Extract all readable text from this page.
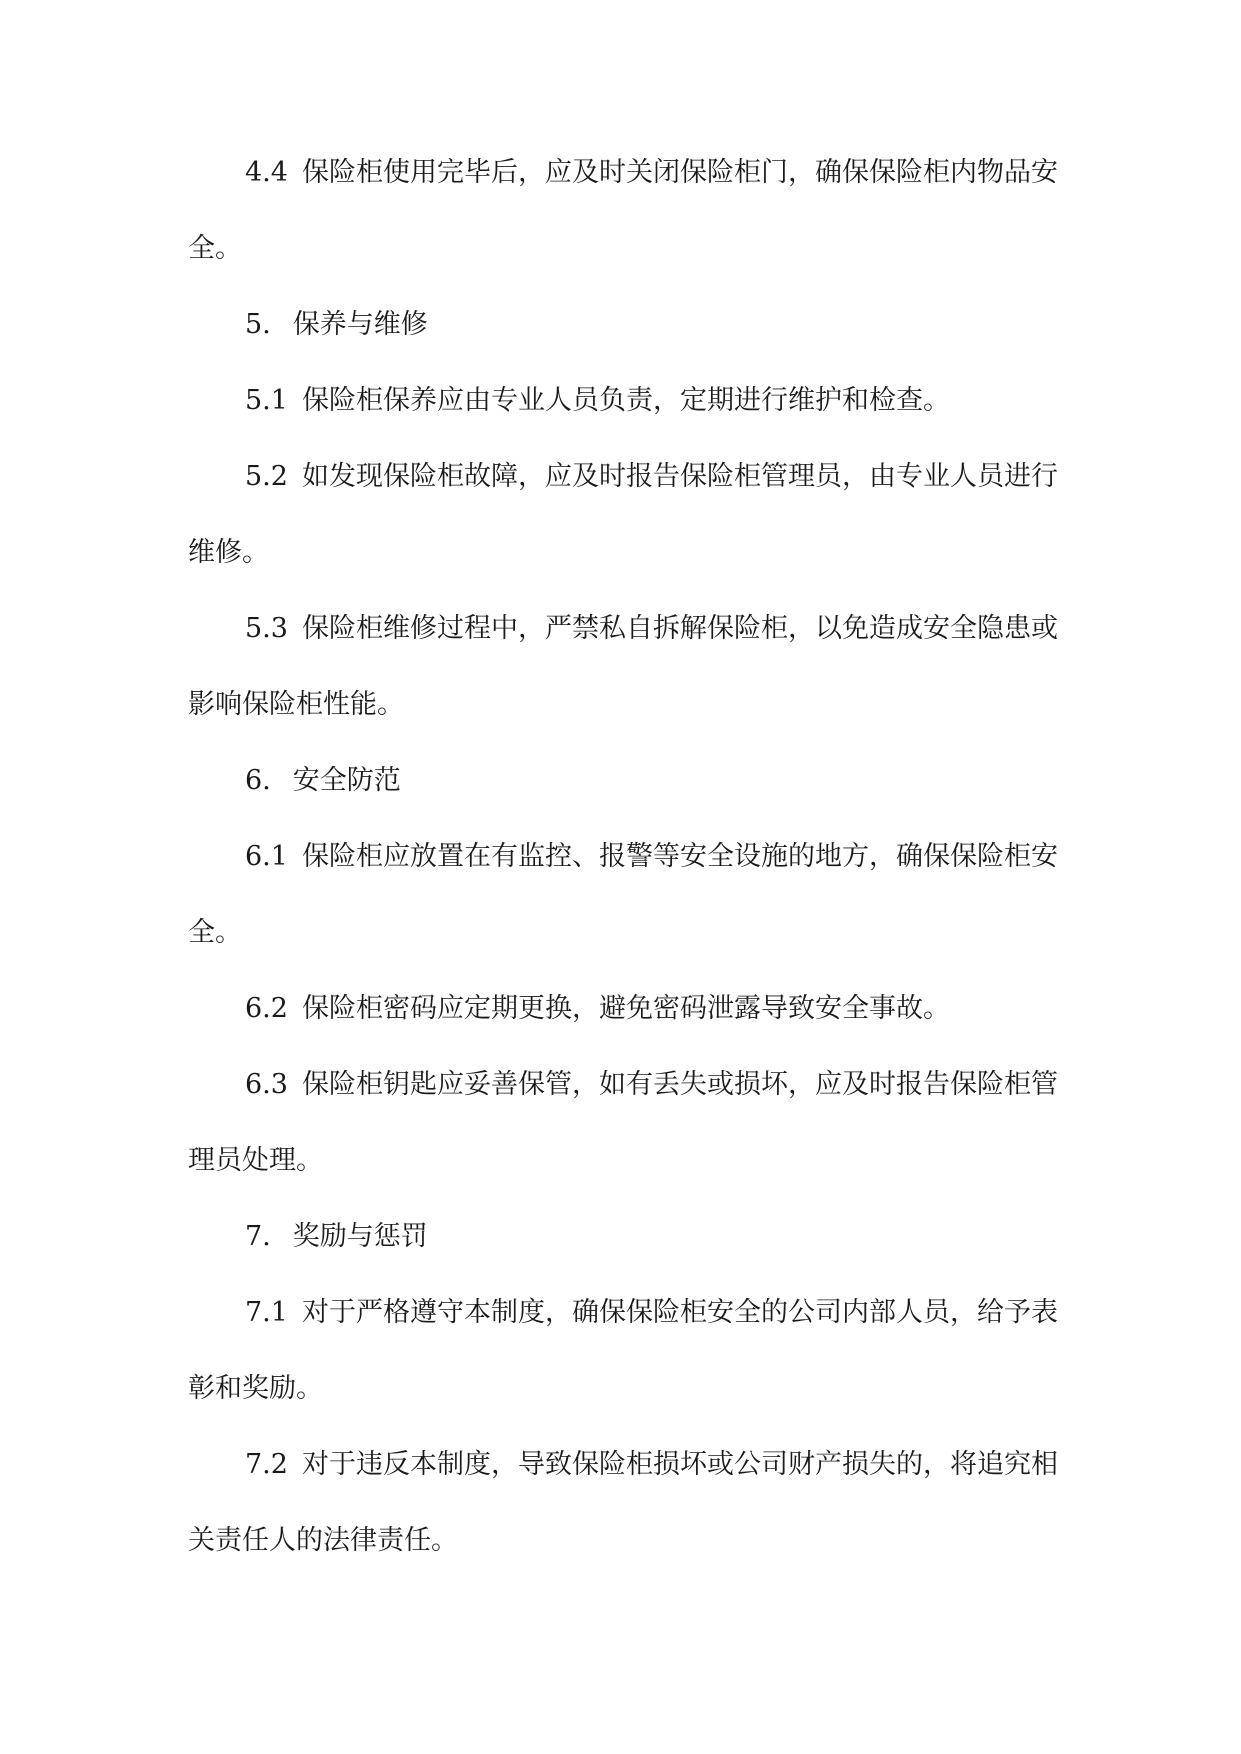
4.4 保险柜使用完毕后，应及时关闭保险柜门，确保保险柜内物品安全。

5. 保养与维修

5.1 保险柜保养应由专业人员负责，定期进行维护和检查。

5.2 如发现保险柜故障，应及时报告保险柜管理员，由专业人员进行维修。

5.3 保险柜维修过程中，严禁私自拆解保险柜，以免造成安全隐患或影响保险柜性能。

6. 安全防范

6.1 保险柜应放置在有监控、报警等安全设施的地方，确保保险柜安全。

6.2 保险柜密码应定期更换，避免密码泄露导致安全事故。

6.3 保险柜钥匙应妥善保管，如有丢失或损坏，应及时报告保险柜管理员处理。

7. 奖励与惩罚

7.1 对于严格遵守本制度，确保保险柜安全的公司内部人员，给予表彰和奖励。

7.2 对于违反本制度，导致保险柜损坏或公司财产损失的，将追究相关责任人的法律责任。
